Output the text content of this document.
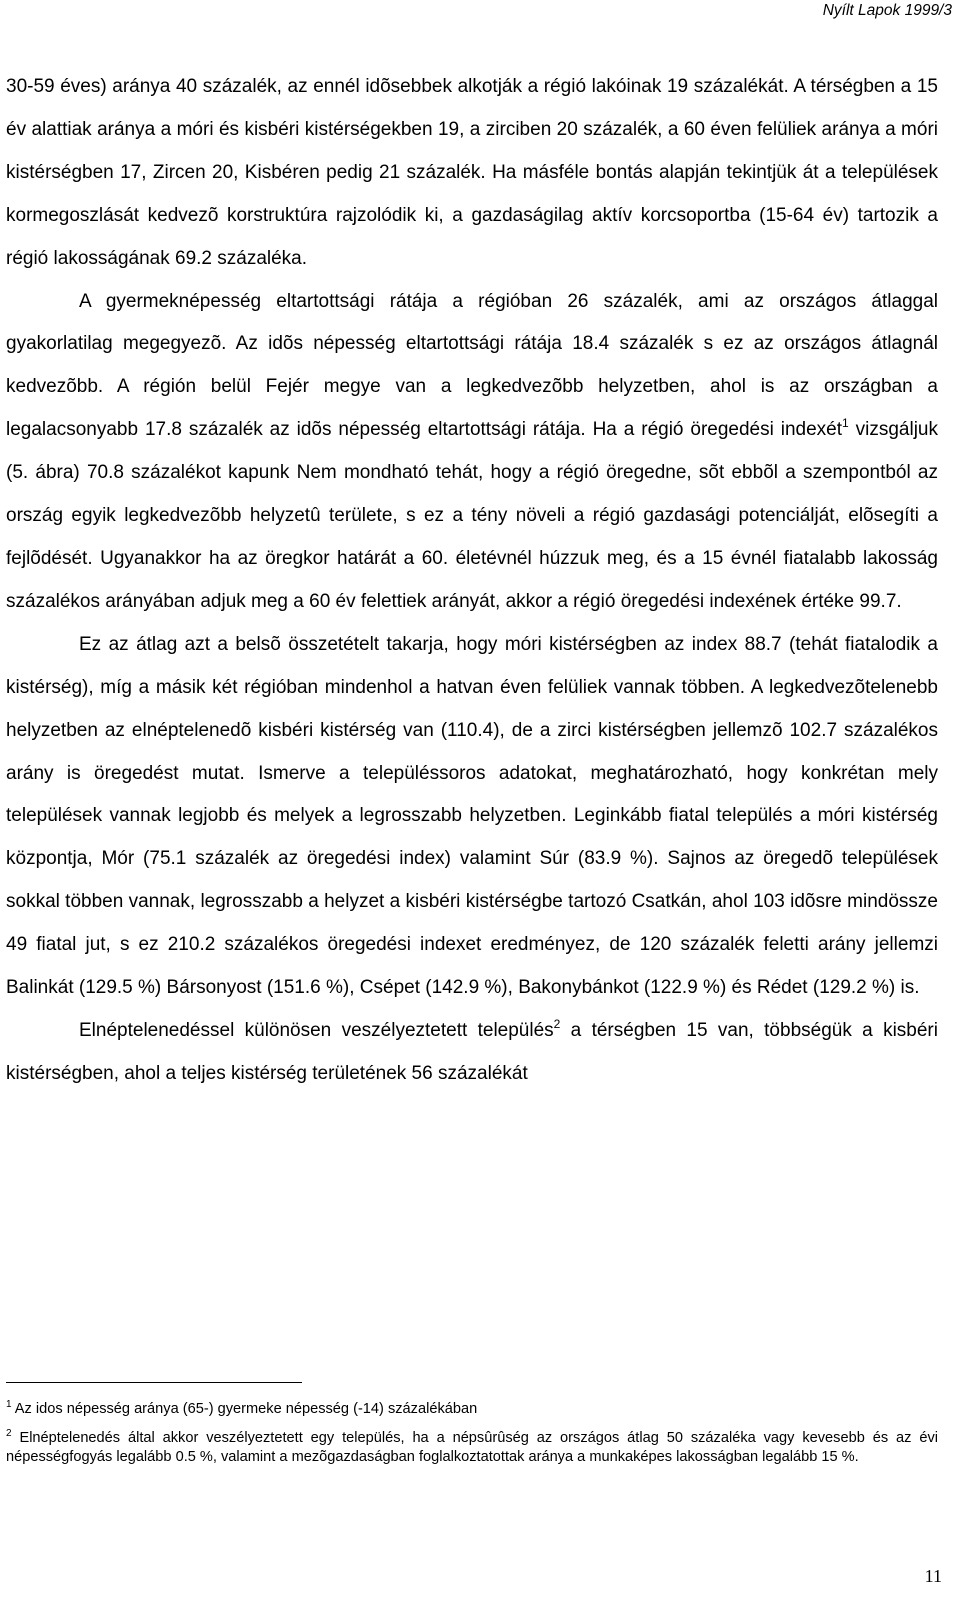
Nyílt Lapok 1999/3

30-59 éves) aránya 40 százalék, az ennél idõsebbek alkotják a régió lakóinak 19 százalékát. A térségben a 15 év alattiak aránya a móri és kisbéri kistérségekben 19, a zirciben 20 százalék, a 60 éven felüliek aránya a móri kistérségben 17, Zircen 20, Kisbéren pedig 21 százalék. Ha másféle bontás alapján tekintjük át a települések kormegoszlását kedvezõ korstruktúra rajzolódik ki, a gazdaságilag aktív korcsoportba (15-64 év) tartozik a régió lakosságának 69.2 százaléka.

A gyermeknépesség eltartottsági rátája a régióban 26 százalék, ami az országos átlaggal gyakorlatilag megegyezõ. Az idõs népesség eltartottsági rátája 18.4 százalék s ez az országos átlagnál kedvezõbb. A régión belül Fejér megye van a legkedvezõbb helyzetben, ahol is az országban a legalacsonyabb 17.8 százalék az idõs népesség eltartottsági rátája. Ha a régió öregedési indexét$^1$ vizsgáljuk (5. ábra) 70.8 százalékot kapunk Nem mondható tehát, hogy a régió öregedne, sõt ebbõl a szempontból az ország egyik legkedvezõbb helyzetû területe, s ez a tény növeli a régió gazdasági potenciálját, elõsegíti a fejlõdését. Ugyanakkor ha az öregkor határát a 60. életévnél húzzuk meg, és a 15 évnél fiatalabb lakosság százalékos arányában adjuk meg a 60 év felettiek arányát, akkor a régió öregedési indexének értéke 99.7.

Ez az átlag azt a belsõ összetételt takarja, hogy móri kistérségben az index 88.7 (tehát fiatalodik a kistérség), míg a másik két régióban mindenhol a hatvan éven felüliek vannak többen. A legkedvezõtelenebb helyzetben az elnéptelenedõ kisbéri kistérség van (110.4), de a zirci kistérségben jellemzõ 102.7 százalékos arány is öregedést mutat. Ismerve a településsoros adatokat, meghatározható, hogy konkrétan mely települések vannak legjobb és melyek a legrosszabb helyzetben. Leginkább fiatal település a móri kistérség központja, Mór (75.1 százalék az öregedési index) valamint Súr (83.9 %). Sajnos az öregedõ települések sokkal többen vannak, legrosszabb a helyzet a kisbéri kistérségbe tartozó Csatkán, ahol 103 idõsre mindössze 49 fiatal jut, s ez 210.2 százalékos öregedési indexet eredményez, de 120 százalék feletti arány jellemzi Balinkát (129.5 %) Bársonyost (151.6 %), Csépet (142.9 %), Bakonybánkot (122.9 %) és Rédet (129.2 %) is.

Elnéptelenedéssel különösen veszélyeztetett település$^2$ a térségben 15 van, többségük a kisbéri kistérségben, ahol a teljes kistérség területének 56 százalékát

$^1$ Az idos népesség aránya (65-) gyermeke népesség (-14) százalékában

$^2$ Elnéptelenedés által akkor veszélyeztetett egy település, ha a népsûrûség az országos átlag 50 százaléka vagy kevesebb és az évi népességfogyás legalább 0.5 %, valamint a mezõgazdaságban foglalkoztatottak aránya a munkaképes lakosságban legalább 15 %.

11
